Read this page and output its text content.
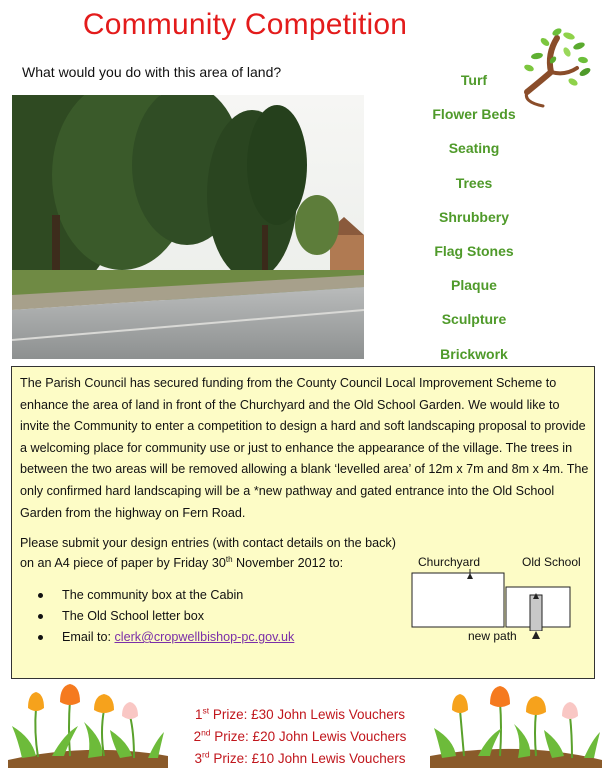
Community Competition
What would you do with this area of land?	Turf
Flower Beds
Seating
Trees
Shrubbery
Flag Stones
Plaque
Sculpture
Brickwork

The Parish Council has secured funding from the County Council Local Improvement Scheme to enhance the area of land in front of the Churchyard and the Old School Garden. We would like to invite the Community to enter a competition to design a hard and soft landscaping proposal to provide a welcoming place for community use or just to enhance the appearance of the village. The trees in between the two areas will be removed allowing a blank ‘levelled area’ of 12m x 7m and 8m x 4m. The only confirmed hard landscaping will be a *new pathway and gated entrance into the Old School Garden from the highway on Fern Road.

Please submit your design entries (with contact details on the back)
on an A4 piece of paper by Friday 30th November 2012 to:

The community box at the Cabin
The Old School letter box
Email to: clerk@cropwellbishop-pc.gov.uk
Churchyard	Old School
new path
1st Prize: £30 John Lewis Vouchers
2nd Prize: £20 John Lewis Vouchers
3rd Prize: £10 John Lewis Vouchers
